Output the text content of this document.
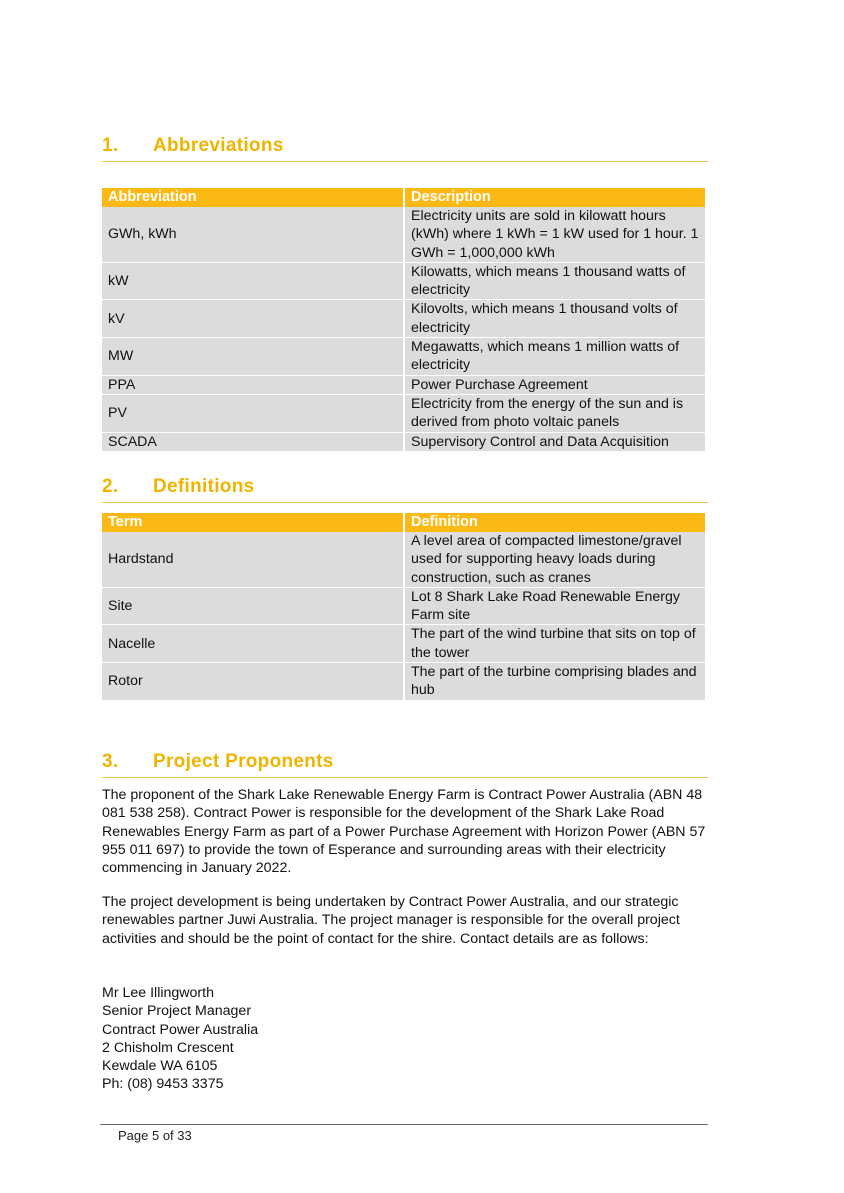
1. Abbreviations
Abbreviation	Description
GWh, kWh	Electricity units are sold in kilowatt hours (kWh) where 1 kWh = 1 kW used for 1 hour. 1 GWh = 1,000,000 kWh
kW	Kilowatts, which means 1 thousand watts of electricity
kV	Kilovolts, which means 1 thousand volts of electricity
MW	Megawatts, which means 1 million watts of electricity
PPA	Power Purchase Agreement
PV	Electricity from the energy of the sun and is derived from photo voltaic panels
SCADA	Supervisory Control and Data Acquisition
2. Definitions
Term	Definition
Hardstand	A level area of compacted limestone/gravel used for supporting heavy loads during construction, such as cranes
Site	Lot 8 Shark Lake Road Renewable Energy Farm site
Nacelle	The part of the wind turbine that sits on top of the tower
Rotor	The part of the turbine comprising blades and hub
3. Project Proponents

The proponent of the Shark Lake Renewable Energy Farm is Contract Power Australia (ABN 48 081 538 258). Contract Power is responsible for the development of the Shark Lake Road Renewables Energy Farm as part of a Power Purchase Agreement with Horizon Power (ABN 57 955 011 697) to provide the town of Esperance and surrounding areas with their electricity commencing in January 2022.

The project development is being undertaken by Contract Power Australia, and our strategic renewables partner Juwi Australia. The project manager is responsible for the overall project activities and should be the point of contact for the shire. Contact details are as follows:

Mr Lee Illingworth
Senior Project Manager
Contract Power Australia
2 Chisholm Crescent
Kewdale WA 6105
Ph: (08) 9453 3375
Page 5 of 33
